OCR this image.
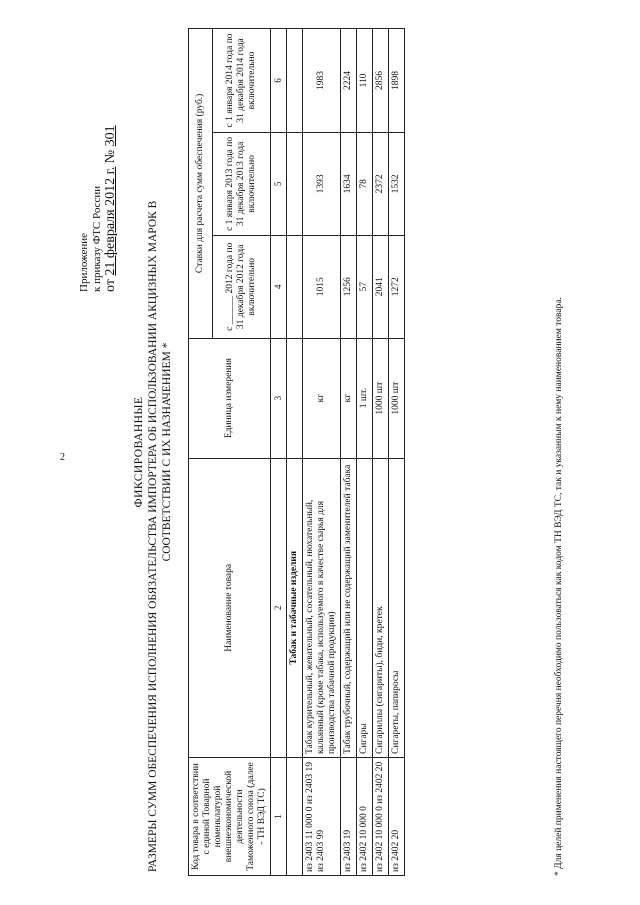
2
Приложение к приказу ФТС России от 21 февраля 2012 г. № 301
ФИКСИРОВАННЫЕ РАЗМЕРЫ СУММ ОБЕСПЕЧЕНИЯ ИСПОЛНЕНИЯ ОБЯЗАТЕЛЬСТВА ИМПОРТЕРА ОБ ИСПОЛЬЗОВАНИИ АКЦИЗНЫХ МАРОК В СООТВЕТСТВИИ С ИХ НАЗНАЧЕНИЕМ *
Код товара в соответствии с единой Товарной номенклатурой внешнеэкономической деятельности Таможенного союза (далее - ТН ВЭД ТС)	Наименование товара	Единица измерения	Ставки для расчета сумм обеспечения (руб.)		
			с ______ 2012 года по 31 декабря 2012 года включительно	с 1 января 2013 года по 31 декабря 2013 года включительно	с 1 января 2014 года по 31 декабря 2014 года включительно
1	2	3	4	5	6
	Табак и табачные изделия				
из 2403 11 000 0 из 2403 19 из 2403 99	Табак курительный, жевательный, сосательный, нюхательный, кальянный (кроме табака, используемого в качестве сырья для производства табачной продукции)	кг	1015	1393	1983
из 2403 19	Табак трубочный, содержащий или не содержащий заменителей табака	кг	1256	1634	2224
из 2402 10 000 0	Сигары	1 шт.	57	78	110
из 2402 10 000 0 из 2402 20	Сигариллы (сигариты), биди, кретек	1000 шт	2041	2372	2856
из 2402 20	Сигареты, папиросы	1000 шт	1272	1532	1898
* Для целей применения настоящего перечня необходимо пользоваться как кодом ТН ВЭД ТС, так и указанным к нему наименованием товара.
